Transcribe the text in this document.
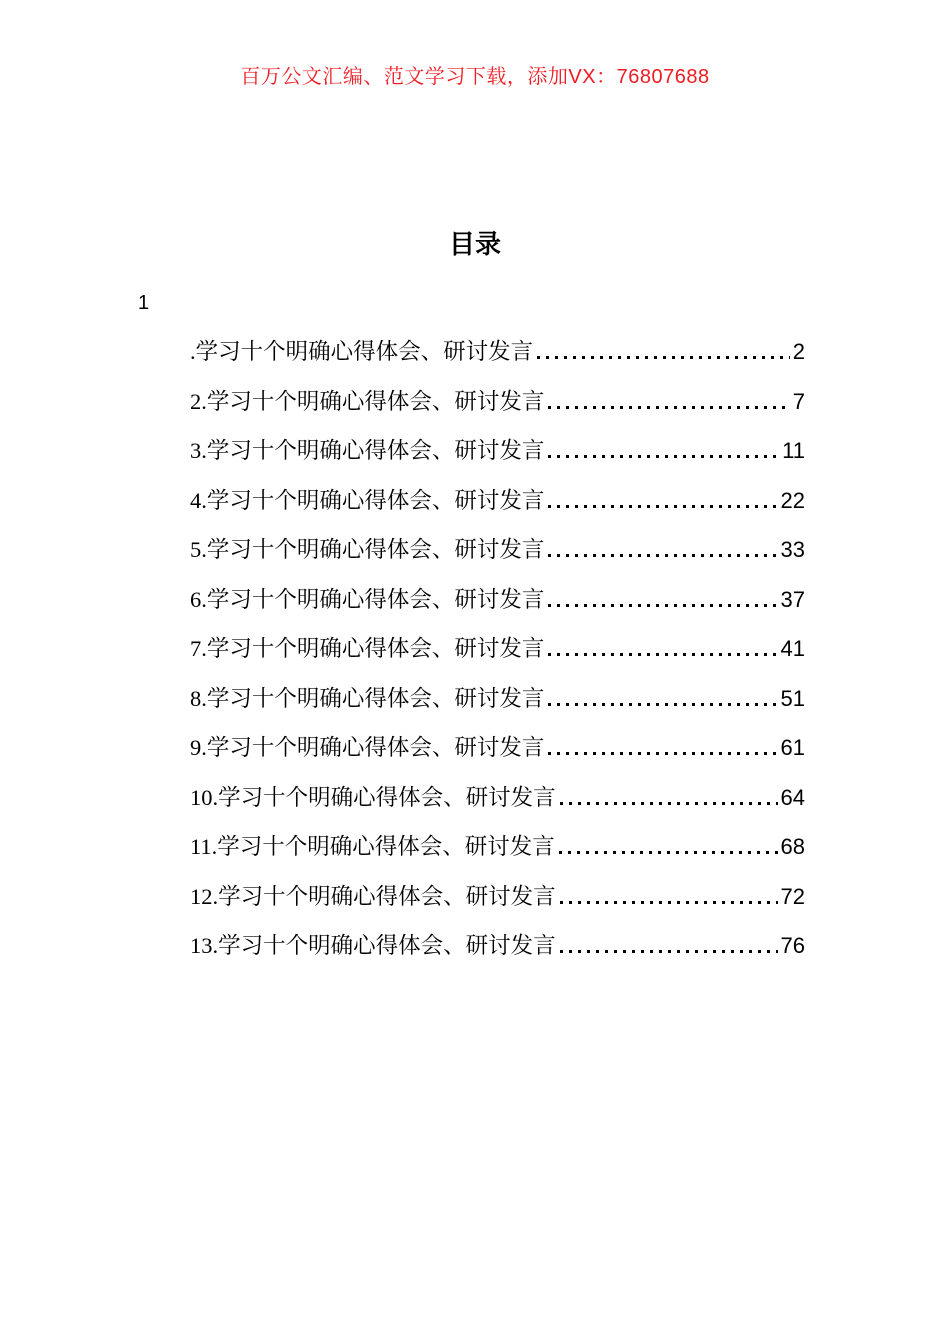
百万公文汇编、范文学习下载，添加VX：76807688
目录
1
.学习十个明确心得体会、研讨发言	2
2.学习十个明确心得体会、研讨发言	7
3.学习十个明确心得体会、研讨发言	11
4.学习十个明确心得体会、研讨发言	22
5.学习十个明确心得体会、研讨发言	33
6.学习十个明确心得体会、研讨发言	37
7.学习十个明确心得体会、研讨发言	41
8.学习十个明确心得体会、研讨发言	51
9.学习十个明确心得体会、研讨发言	61
10.学习十个明确心得体会、研讨发言	64
11.学习十个明确心得体会、研讨发言	68
12.学习十个明确心得体会、研讨发言	72
13.学习十个明确心得体会、研讨发言	76
